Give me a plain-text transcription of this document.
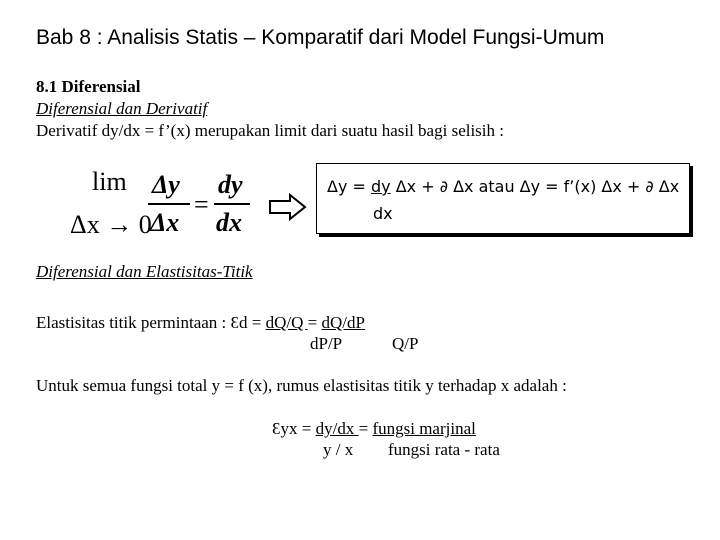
Bab 8 : Analisis Statis – Komparatif dari Model Fungsi-Umum
8.1 Diferensial
Diferensial dan Derivatif
Derivatif dy/dx = f’(x) merupakan limit dari suatu hasil bagi selisih :
lim
Δx → 0
Δy
Δx
=
dy
dx
Δy = dy Δx + ∂ Δx atau Δy = f’(x) Δx + ∂ Δx
dx
Diferensial dan Elastisitas-Titik
Elastisitas titik permintaan : Ɛd = dQ/Q = dQ/dP
dP/P	Q/P
Untuk semua fungsi total y = f (x), rumus elastisitas titik y terhadap x adalah :
Ɛyx = dy/dx = fungsi marjinal
y / x fungsi rata - rata
